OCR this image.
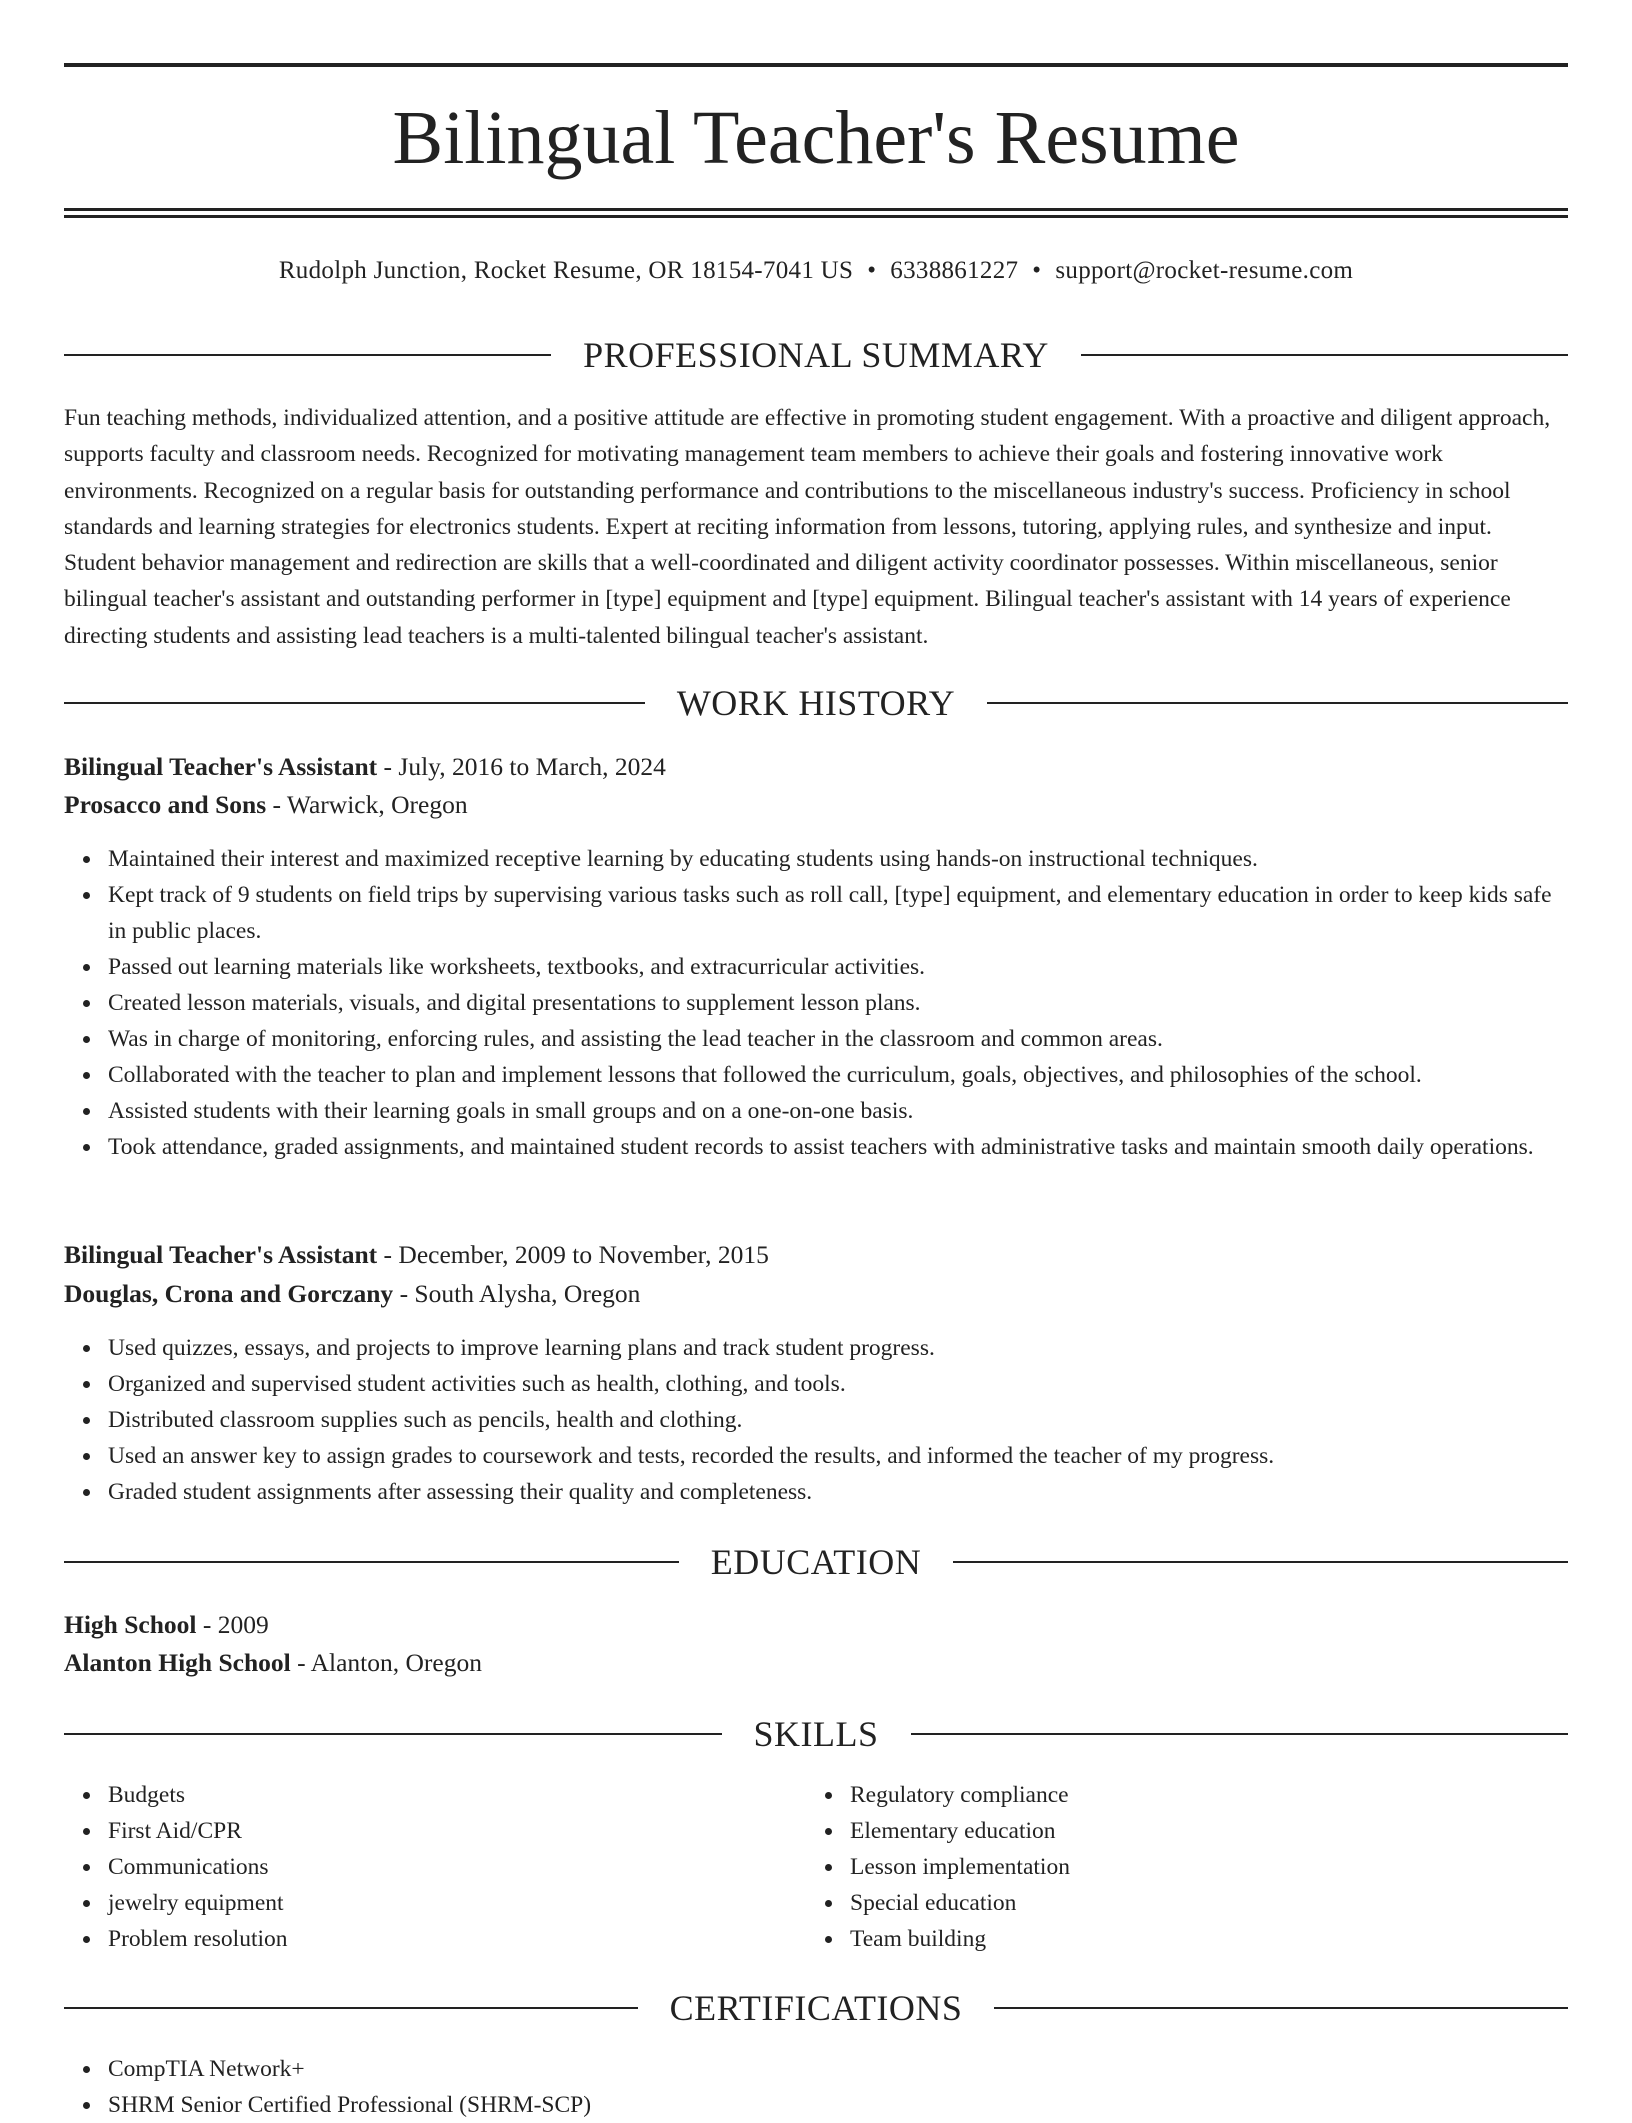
Bilingual Teacher's Resume
Rudolph Junction, Rocket Resume, OR 18154-7041 US • 6338861227 • support@rocket-resume.com
PROFESSIONAL SUMMARY

Fun teaching methods, individualized attention, and a positive attitude are effective in promoting student engagement. With a proactive and diligent approach, supports faculty and classroom needs. Recognized for motivating management team members to achieve their goals and fostering innovative work environments. Recognized on a regular basis for outstanding performance and contributions to the miscellaneous industry's success. Proficiency in school standards and learning strategies for electronics students. Expert at reciting information from lessons, tutoring, applying rules, and synthesize and input. Student behavior management and redirection are skills that a well-coordinated and diligent activity coordinator possesses. Within miscellaneous, senior bilingual teacher's assistant and outstanding performer in [type] equipment and [type] equipment. Bilingual teacher's assistant with 14 years of experience directing students and assisting lead teachers is a multi-talented bilingual teacher's assistant.

WORK HISTORY
Bilingual Teacher's Assistant - July, 2016 to March, 2024
Prosacco and Sons - Warwick, Oregon
Maintained their interest and maximized receptive learning by educating students using hands-on instructional techniques.
Kept track of 9 students on field trips by supervising various tasks such as roll call, [type] equipment, and elementary education in order to keep kids safe in public places.
Passed out learning materials like worksheets, textbooks, and extracurricular activities.
Created lesson materials, visuals, and digital presentations to supplement lesson plans.
Was in charge of monitoring, enforcing rules, and assisting the lead teacher in the classroom and common areas.
Collaborated with the teacher to plan and implement lessons that followed the curriculum, goals, objectives, and philosophies of the school.
Assisted students with their learning goals in small groups and on a one-on-one basis.
Took attendance, graded assignments, and maintained student records to assist teachers with administrative tasks and maintain smooth daily operations.
Bilingual Teacher's Assistant - December, 2009 to November, 2015
Douglas, Crona and Gorczany - South Alysha, Oregon
Used quizzes, essays, and projects to improve learning plans and track student progress.
Organized and supervised student activities such as health, clothing, and tools.
Distributed classroom supplies such as pencils, health and clothing.
Used an answer key to assign grades to coursework and tests, recorded the results, and informed the teacher of my progress.
Graded student assignments after assessing their quality and completeness.
EDUCATION
High School - 2009
Alanton High School - Alanton, Oregon
SKILLS
Budgets
First Aid/CPR
Communications
jewelry equipment
Problem resolution
Regulatory compliance
Elementary education
Lesson implementation
Special education
Team building
CERTIFICATIONS
CompTIA Network+
SHRM Senior Certified Professional (SHRM-SCP)
